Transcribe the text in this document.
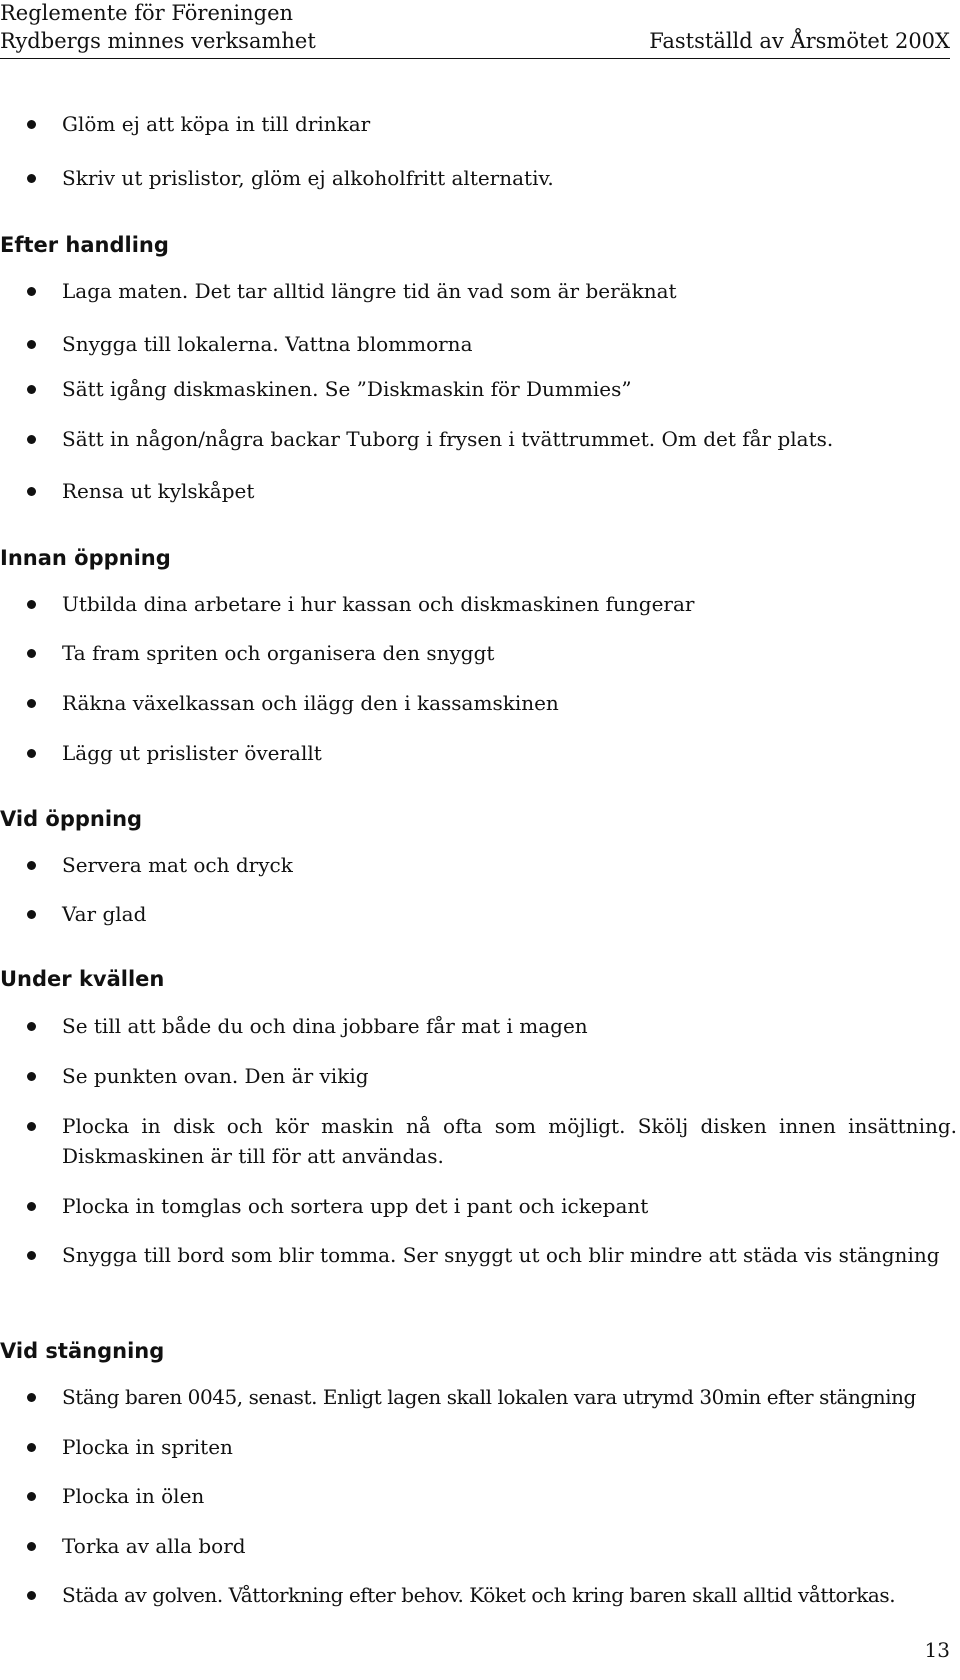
Reglemente för Föreningen
Rydbergs minnes verksamhet	Fastställd av Årsmötet 200X
Glöm ej att köpa in till drinkar
Skriv ut prislistor, glöm ej alkoholfritt alternativ.
Efter handling
Laga maten. Det tar alltid längre tid än vad som är beräknat
Snygga till lokalerna. Vattna blommorna
Sätt igång diskmaskinen. Se ”Diskmaskin för Dummies”
Sätt in någon/några backar Tuborg i frysen i tvättrummet. Om det får plats.
Rensa ut kylskåpet
Innan öppning
Utbilda dina arbetare i hur kassan och diskmaskinen fungerar
Ta fram spriten och organisera den snyggt
Räkna växelkassan och ilägg den i kassamskinen
Lägg ut prislister överallt
Vid öppning
Servera mat och dryck
Var glad
Under kvällen
Se till att både du och dina jobbare får mat i magen
Se punkten ovan. Den är vikig
Plocka in disk och kör maskin nå ofta som möjligt. Skölj disken innen insättning. Diskmaskinen är till för att användas.
Plocka in tomglas och sortera upp det i pant och ickepant
Snygga till bord som blir tomma. Ser snyggt ut och blir mindre att städa vis stängning
Vid stängning
Stäng baren 0045, senast. Enligt lagen skall lokalen vara utrymd 30min efter stängning
Plocka in spriten
Plocka in ölen
Torka av alla bord
Städa av golven. Våttorkning efter behov. Köket och kring baren skall alltid våttorkas.
13
